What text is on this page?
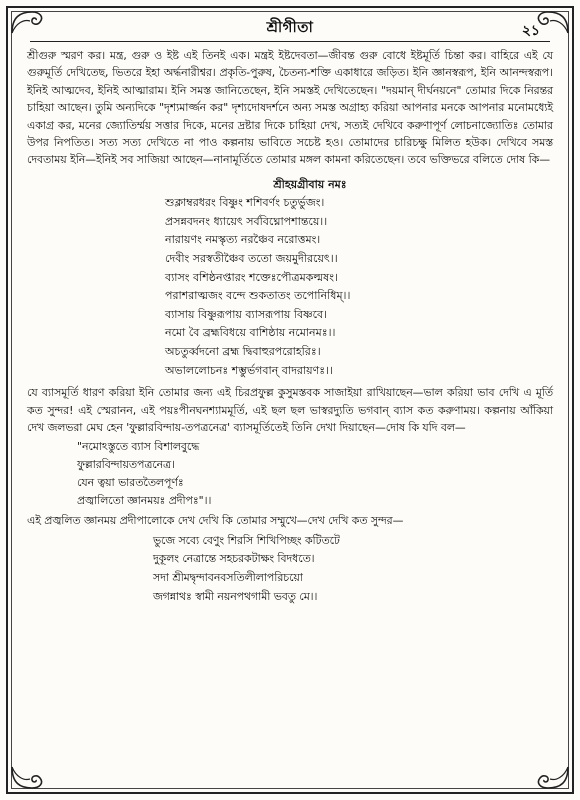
শ্রীগীতা	২১

শ্রীগুরু স্মরণ কর। মন্ত্র, গুরু ও ইষ্ট এই তিনই এক। মন্ত্রই ইষ্টদেবতা—জীবন্ত গুরু বোধে ইষ্টমূর্তি চিন্তা কর। বাহিরে এই যে গুরুমূর্তি দেখিতেছ, ভিতরে ইহা অর্দ্ধনারীশ্বর। প্রকৃতি-পুরুষ, চৈতন্য-শক্তি একাধারে জড়িত। ইনি জ্ঞানস্বরূপ, ইনি আনন্দস্বরূপ। ইনিই আত্মদেব, ইনিই আত্মারাম। ইনি সমস্ত জানিতেছেন, ইনি সমস্তই দেখিতেছেন। "দয়মান্ দীর্ঘনয়নে" তোমার দিকে নিরন্তর চাহিয়া আছেন। তুমি অন্যদিকে "দৃশ্যমার্জ্জন কর" দৃশ্যদোষদর্শনে অন্য সমস্ত অগ্রাহ্য করিয়া আপনার মনকে আপনার মনোমধ্যেই একাগ্র কর, মনের জ্যোতির্ম্ময় সত্তার দিকে, মনের দ্রষ্টার দিকে চাহিয়া দেখ, সত্যই দেখিবে করুণাপূর্ণ লোচনাজ্যোতিঃ তোমার উপর নিপতিত। সত্য সত্য দেখিতে না পাও কল্পনায় ভাবিতে সচেষ্ট হও। তোমাদের চারিচক্ষু মিলিত হউক। দেখিবে সমস্ত দেবতাময় ইনি—ইনিই সব সাজিয়া আছেন—নানামূর্তিতে তোমার মঙ্গল কামনা করিতেছেন। তবে ভক্তিভরে বলিতে দোষ কি—

শ্রীহয়গ্রীবায় নমঃ
শুক্লাম্বরধরং বিষ্ণুং শশিবর্ণং চতুর্ভুজং।
প্রসন্নবদনং ধ্যায়েৎ সর্ববিঘ্নোপশান্তয়ে।।
নারায়ণং নমস্কৃত্য নরঞ্চৈব নরোত্তমং।
দেবীং সরস্বতীঞ্চৈব ততো জয়মুদীরয়েৎ।।
ব্যাসং বশিষ্ঠনপ্তারং শক্তেঃপৌত্রমকল্মষং।
পরাশরাত্মজং বন্দে শুকতাতং তপোনিধিম্।।
ব্যাসায় বিষ্ণুরূপায় ব্যাসরূপায় বিষ্ণবে।
নমো বৈ ব্রহ্মবিধয়ে বাশিষ্ঠায় নমোনমঃ।।
অচতুর্ব্বদনো ব্রহ্ম দ্বিবাহুরপরোহরিঃ।
অভাললোচনঃ শম্ভুর্ভগবান্ বাদরায়ণঃ।।

যে ব্যাসমূর্তি ধারণ করিয়া ইনি তোমার জন্য এই চিরপ্রফুল্ল কুসুমস্তবক সাজাইয়া রাখিয়াছেন—ভাল করিয়া ভাব দেখি এ মূর্তি কত সুন্দর! এই স্মেরানন, এই পয়ঃপীনঘনশ্যামমূর্তি, এই ছল ছল ভাস্বরদ্যুতি ভগবান্ ব্যাস কত করুণাময়। কল্পনায় আঁকিয়া দেখ জলভরা মেঘ হেন 'ফুল্লারবিন্দায়-তপত্রনেত্র' ব্যাসমূর্তিতেই তিনি দেখা দিয়াছেন—দোষ কি যদি বল—

"নমোঽস্তুতে ব্যাস বিশালবুদ্ধে
ফুল্লারবিন্দায়তপত্রনেত্র।
যেন ত্বয়া ভারততৈলপূর্ণঃ
প্রজ্বালিতো জ্ঞানময়ঃ প্রদীপঃ"।।

এই প্রজ্বলিত জ্ঞানময় প্রদীপালোকে দেখ দেখি কি তোমার সম্মুখে—দেখ দেখি কত সুন্দর—

ভুজে সব্যে বেণুং শিরসি শিখিপিচ্ছং কটিতটে
দুকূলং নেত্রান্তে সহচরকটাক্ষং বিদধতে।
সদা শ্রীমদ্বৃন্দাবনবসতিলীলাপরিচয়ো
জগন্নাথঃ স্বামী নয়নপথগামী ভবতু মে।।
